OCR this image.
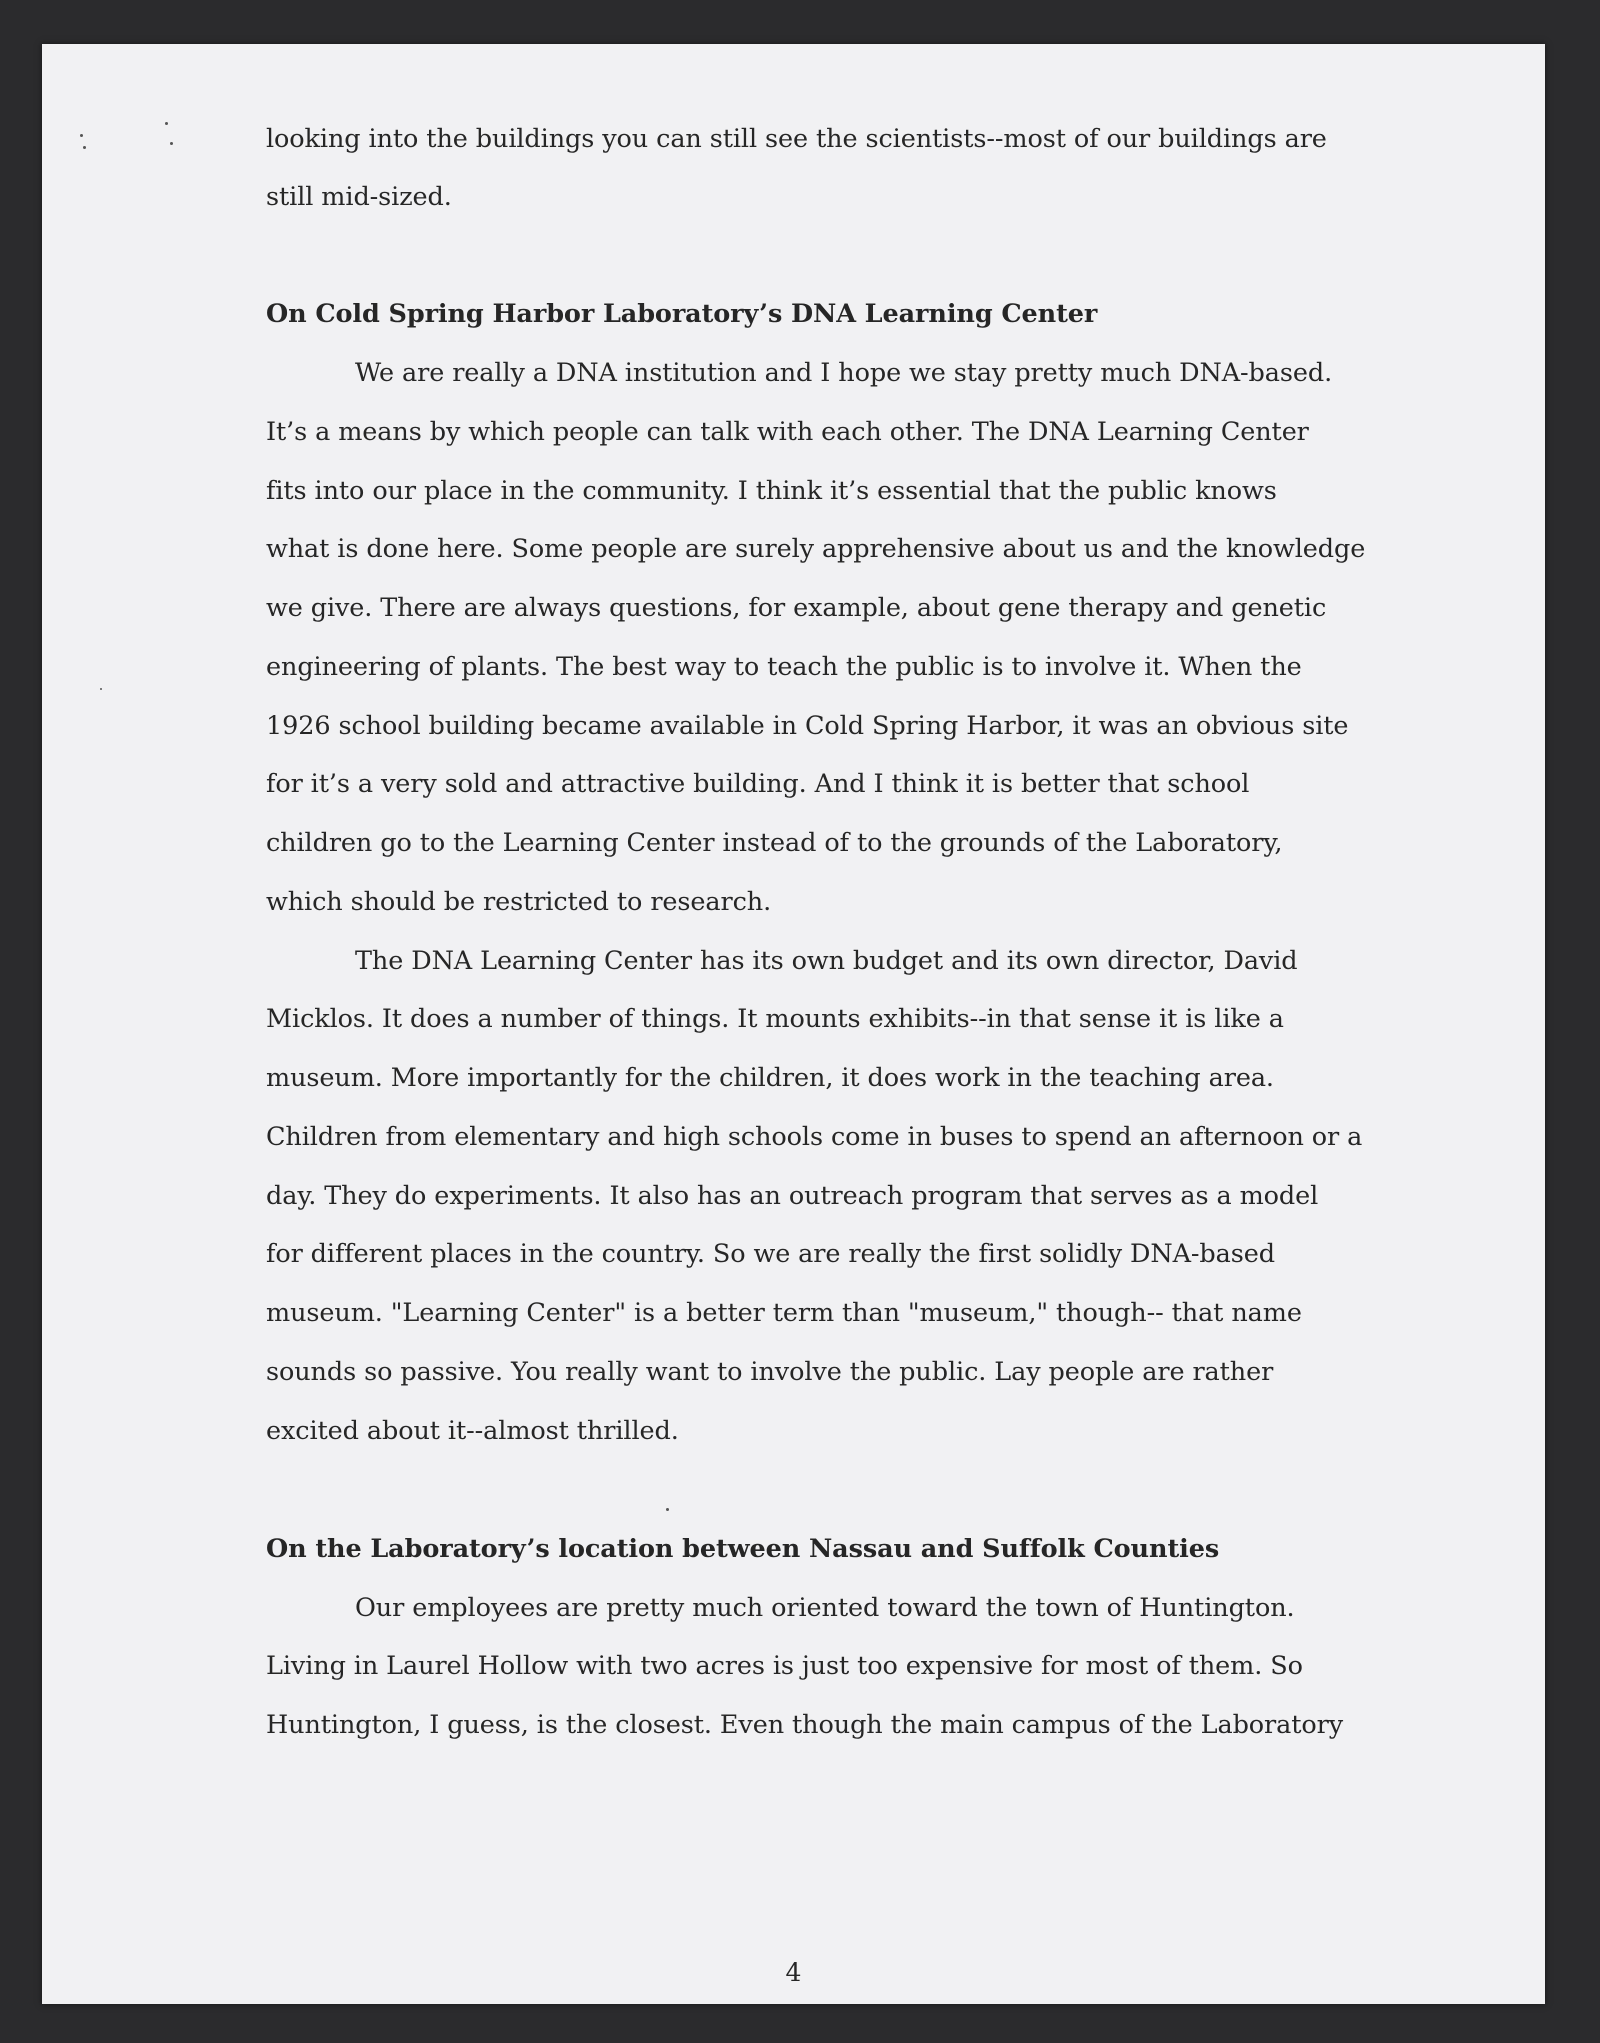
looking into the buildings you can still see the scientists--most of our buildings are
still mid-sized.
On Cold Spring Harbor Laboratory’s DNA Learning Center
We are really a DNA institution and I hope we stay pretty much DNA-based.
It’s a means by which people can talk with each other. The DNA Learning Center
fits into our place in the community. I think it’s essential that the public knows
what is done here. Some people are surely apprehensive about us and the knowledge
we give. There are always questions, for example, about gene therapy and genetic
engineering of plants. The best way to teach the public is to involve it. When the
1926 school building became available in Cold Spring Harbor, it was an obvious site
for it’s a very sold and attractive building. And I think it is better that school
children go to the Learning Center instead of to the grounds of the Laboratory,
which should be restricted to research.
The DNA Learning Center has its own budget and its own director, David
Micklos. It does a number of things. It mounts exhibits--in that sense it is like a
museum. More importantly for the children, it does work in the teaching area.
Children from elementary and high schools come in buses to spend an afternoon or a
day. They do experiments. It also has an outreach program that serves as a model
for different places in the country. So we are really the first solidly DNA-based
museum. "Learning Center" is a better term than "museum," though-- that name
sounds so passive. You really want to involve the public. Lay people are rather
excited about it--almost thrilled.
On the Laboratory’s location between Nassau and Suffolk Counties
Our employees are pretty much oriented toward the town of Huntington.
Living in Laurel Hollow with two acres is just too expensive for most of them. So
Huntington, I guess, is the closest. Even though the main campus of the Laboratory
4
